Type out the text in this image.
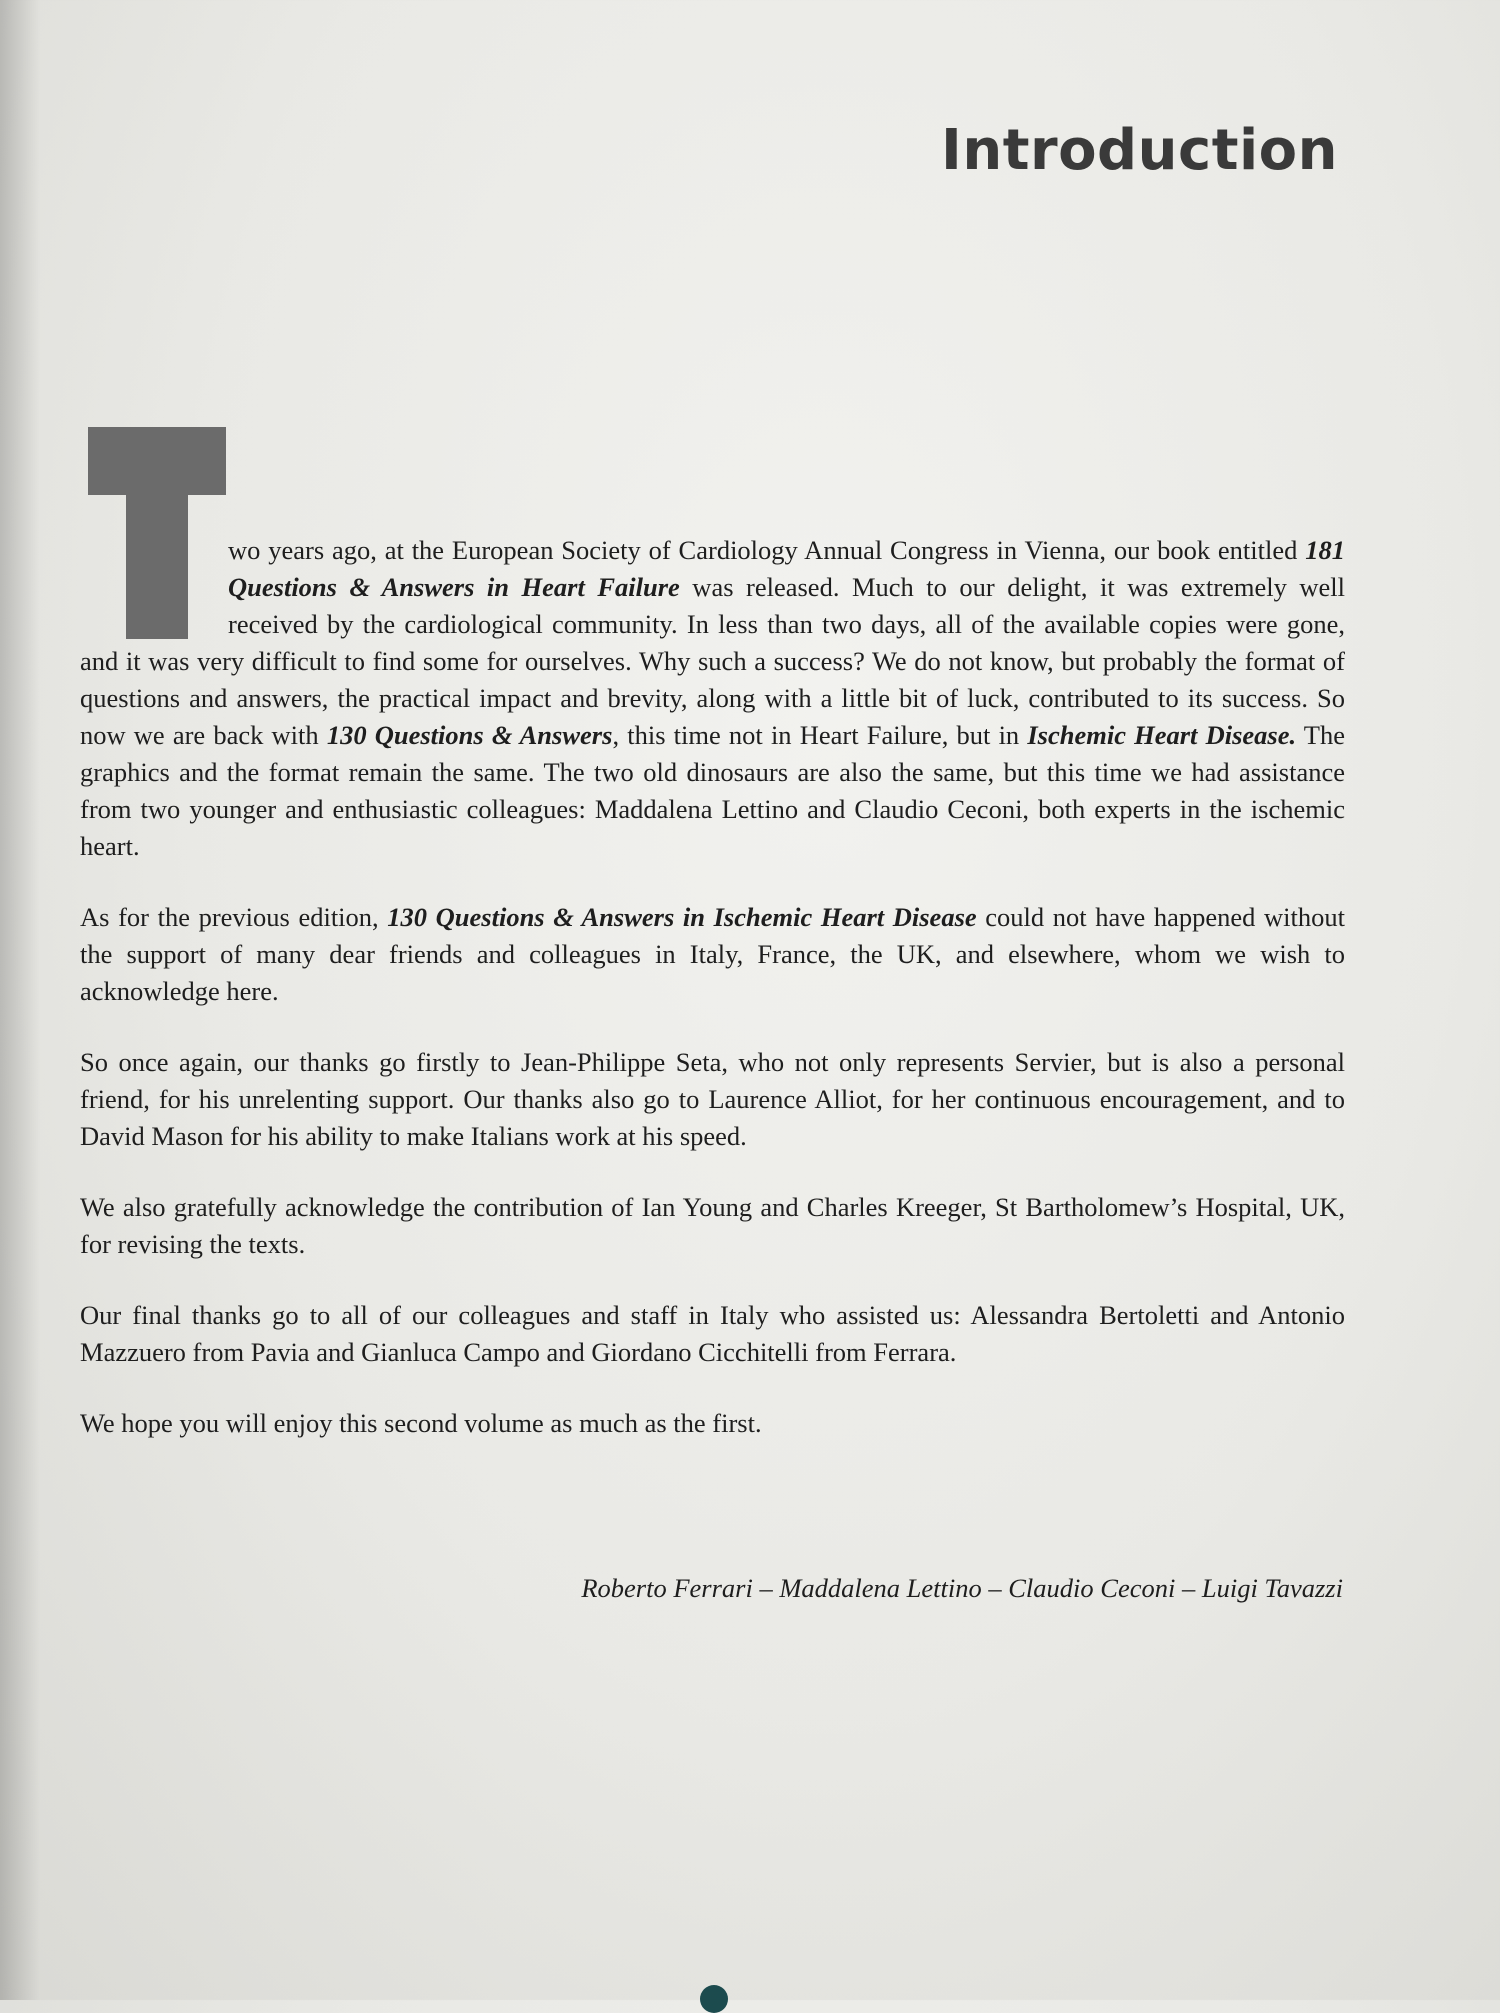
Introduction

wo years ago, at the European Society of Cardiology Annual Congress in Vienna, our book entitled 181 Questions & Answers in Heart Failure was released. Much to our delight, it was extremely well received by the cardiological community. In less than two days, all of the available copies were gone, and it was very difficult to find some for ourselves. Why such a success? We do not know, but probably the format of questions and answers, the practical impact and brevity, along with a little bit of luck, contributed to its success. So now we are back with 130 Questions & Answers, this time not in Heart Failure, but in Ischemic Heart Disease. The graphics and the format remain the same. The two old dinosaurs are also the same, but this time we had assistance from two younger and enthusiastic colleagues: Maddalena Lettino and Claudio Ceconi, both experts in the ischemic heart.

As for the previous edition, 130 Questions & Answers in Ischemic Heart Disease could not have happened without the support of many dear friends and colleagues in Italy, France, the UK, and elsewhere, whom we wish to acknowledge here.

So once again, our thanks go firstly to Jean-Philippe Seta, who not only represents Servier, but is also a personal friend, for his unrelenting support. Our thanks also go to Laurence Alliot, for her continuous encouragement, and to David Mason for his ability to make Italians work at his speed.

We also gratefully acknowledge the contribution of Ian Young and Charles Kreeger, St Bartholomew’s Hospital, UK, for revising the texts.

Our final thanks go to all of our colleagues and staff in Italy who assisted us: Alessandra Bertoletti and Antonio Mazzuero from Pavia and Gianluca Campo and Giordano Cicchitelli from Ferrara.

We hope you will enjoy this second volume as much as the first.

Roberto Ferrari – Maddalena Lettino – Claudio Ceconi – Luigi Tavazzi
